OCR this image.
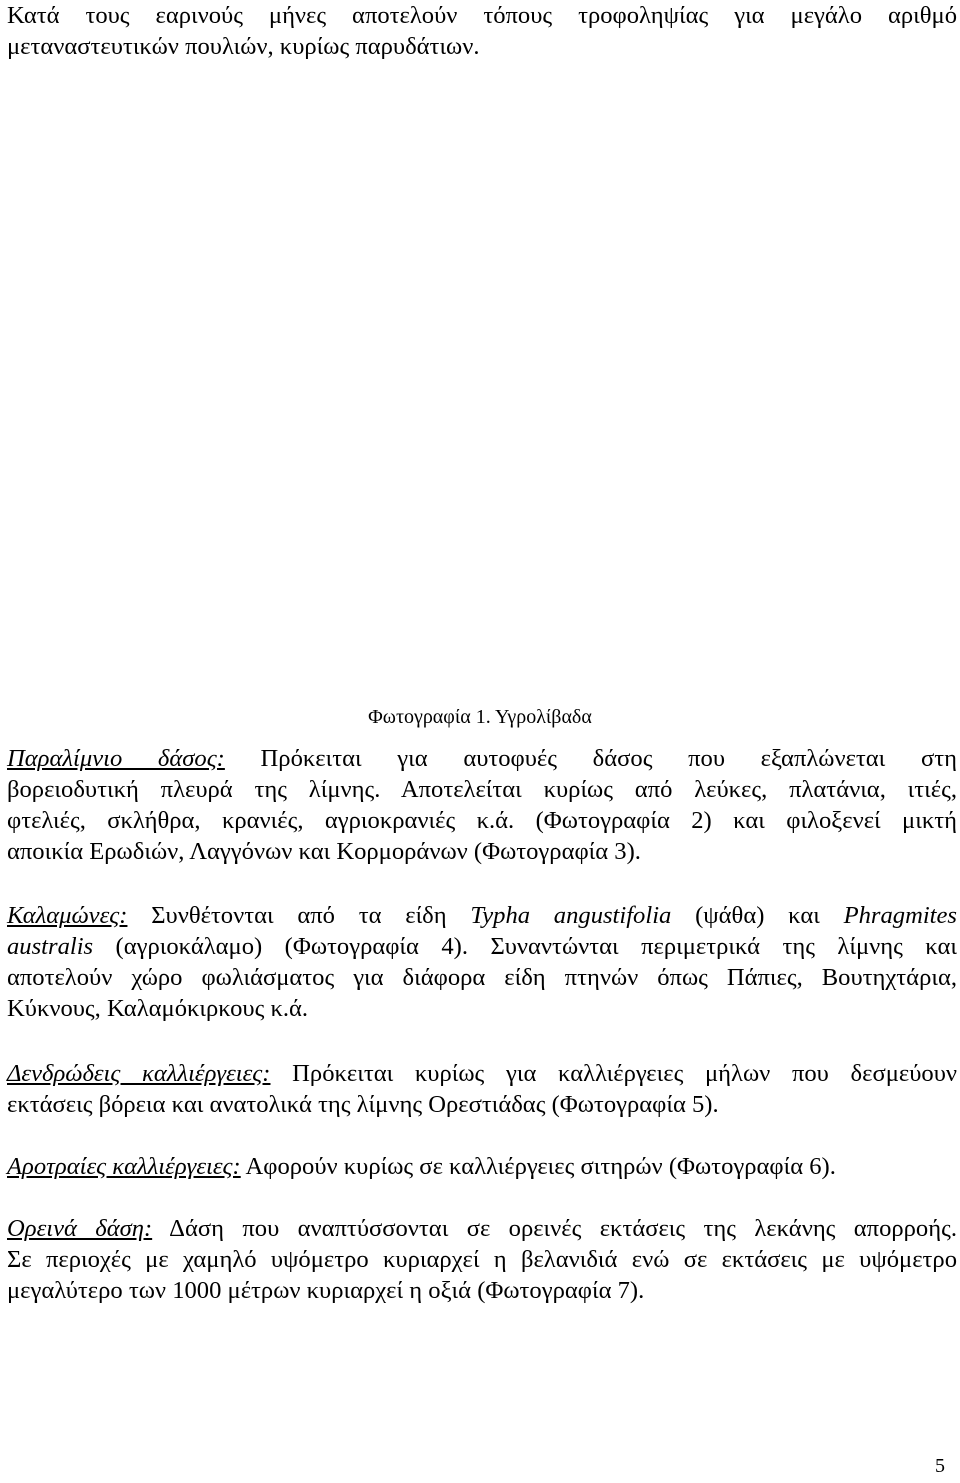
Κατά τους εαρινούς μήνες αποτελούν τόπους τροφοληψίας για μεγάλο αριθμό
μεταναστευτικών πουλιών, κυρίως παρυδάτιων.
Φωτογραφία 1. Υγρολίβαδα
Παραλίμνιο δάσος: Πρόκειται για αυτοφυές δάσος που εξαπλώνεται στη
βορειοδυτική πλευρά της λίμνης. Αποτελείται κυρίως από λεύκες, πλατάνια, ιτιές,
φτελιές, σκλήθρα, κρανιές, αγριοκρανιές κ.ά. (Φωτογραφία 2) και φιλοξενεί μικτή
αποικία Ερωδιών, Λαγγόνων και Κορμοράνων (Φωτογραφία 3).
Καλαμώνες: Συνθέτονται από τα είδη Typha angustifolia (ψάθα) και Phragmites
australis (αγριοκάλαμο) (Φωτογραφία 4). Συναντώνται περιμετρικά της λίμνης και
αποτελούν χώρο φωλιάσματος για διάφορα είδη πτηνών όπως Πάπιες, Βουτηχτάρια,
Κύκνους, Καλαμόκιρκους κ.ά.
Δενδρώδεις καλλιέργειες: Πρόκειται κυρίως για καλλιέργειες μήλων που δεσμεύουν
εκτάσεις βόρεια και ανατολικά της λίμνης Ορεστιάδας (Φωτογραφία 5).
Αροτραίες καλλιέργειες: Αφορούν κυρίως σε καλλιέργειες σιτηρών (Φωτογραφία 6).
Ορεινά δάση: Δάση που αναπτύσσονται σε ορεινές εκτάσεις της λεκάνης απορροής.
Σε περιοχές με χαμηλό υψόμετρο κυριαρχεί η βελανιδιά ενώ σε εκτάσεις με υψόμετρο
μεγαλύτερο των 1000 μέτρων κυριαρχεί η οξιά (Φωτογραφία 7).
5
